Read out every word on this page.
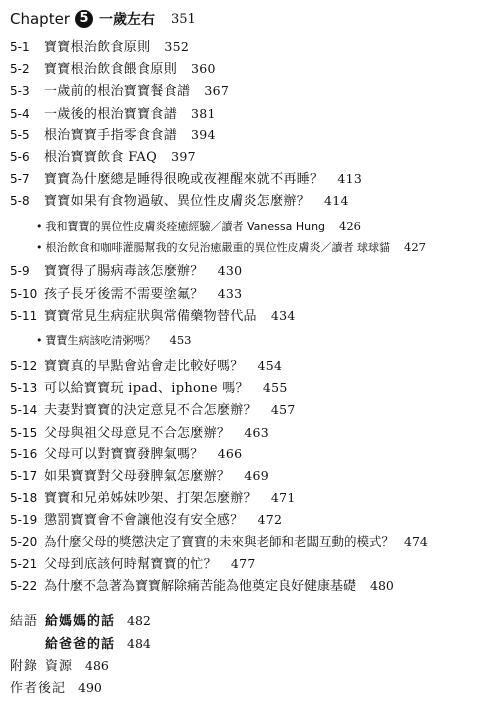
Chapter 5 一歲左右 351
5-1 寶寶根治飲食原則 352
5-2 寶寶根治飲食餵食原則 360
5-3 一歲前的根治寶寶餐食譜 367
5-4 一歲後的根治寶寶食譜 381
5-5 根治寶寶手指零食食譜 394
5-6 根治寶寶飲食 FAQ 397
5-7 寶寶為什麼總是睡得很晚或夜裡醒來就不再睡？ 413
5-8 寶寶如果有食物過敏、異位性皮膚炎怎麼辦？ 414
• 我和寶寶的異位性皮膚炎痊癒經驗／讀者 Vanessa Hung 426
• 根治飲食和咖啡灌腸幫我的女兒治癒嚴重的異位性皮膚炎／讀者 球球貓 427
5-9 寶寶得了腸病毒該怎麼辦？ 430
5-10 孩子長牙後需不需要塗氟？ 433
5-11 寶寶常見生病症狀與常備藥物替代品 434
• 寶寶生病該吃清粥嗎？ 453
5-12 寶寶真的早點會站會走比較好嗎？ 454
5-13 可以給寶寶玩 ipad、iphone 嗎？ 455
5-14 夫妻對寶寶的決定意見不合怎麼辦？ 457
5-15 父母與祖父母意見不合怎麼辦？ 463
5-16 父母可以對寶寶發脾氣嗎？ 466
5-17 如果寶寶對父母發脾氣怎麼辦？ 469
5-18 寶寶和兄弟姊妹吵架、打架怎麼辦？ 471
5-19 懲罰寶寶會不會讓他沒有安全感？ 472
5-20 為什麼父母的獎懲決定了寶寶的未來與老師和老闆互動的模式？ 474
5-21 父母到底該何時幫寶寶的忙？ 477
5-22 為什麼不急著為寶寶解除痛苦能為他奠定良好健康基礎 480
結語 給媽媽的話 482
給爸爸的話 484
附錄 資源 486
作者後記 490
